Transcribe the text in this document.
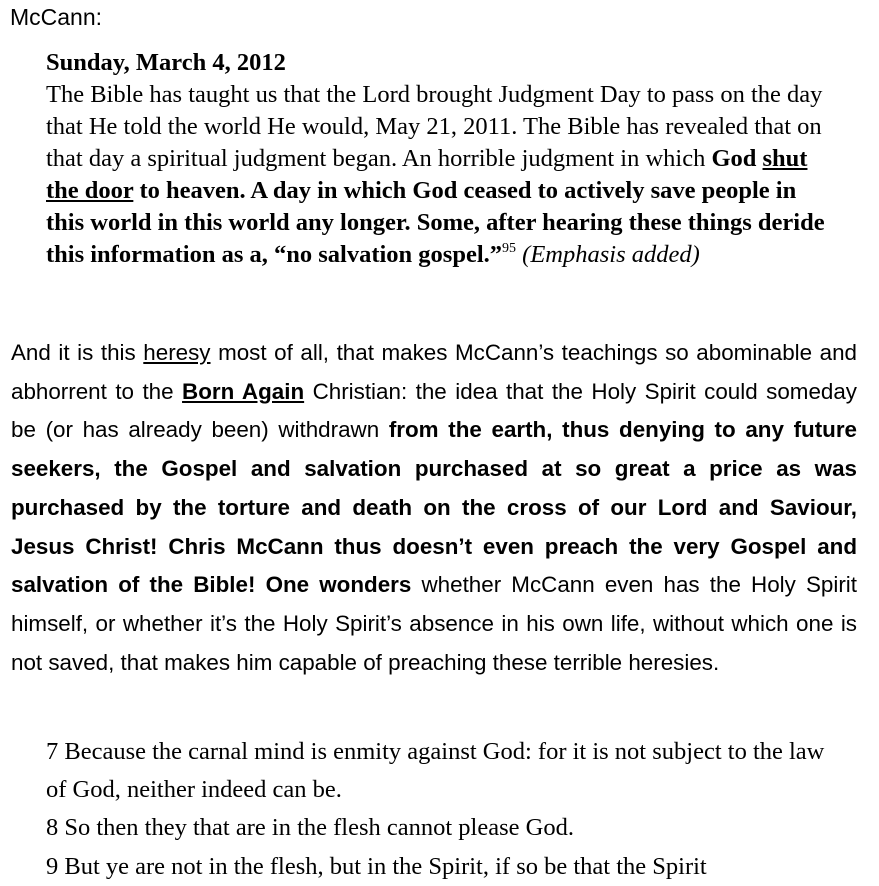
McCann:

Sunday, March 4, 2012

The Bible has taught us that the Lord brought Judgment Day to pass on the day that He told the world He would, May 21, 2011. The Bible has revealed that on that day a spiritual judgment began. An horrible judgment in which God shut the door to heaven. A day in which God ceased to actively save people in this world in this world any longer. Some, after hearing these things deride this information as a, “no salvation gospel.”$^{95}$ (Emphasis added)

And it is this heresy most of all, that makes McCann’s teachings so abominable and abhorrent to the Born Again Christian: the idea that the Holy Spirit could someday be (or has already been) withdrawn from the earth, thus denying to any future seekers, the Gospel and salvation purchased at so great a price as was purchased by the torture and death on the cross of our Lord and Saviour, Jesus Christ! Chris McCann thus doesn’t even preach the very Gospel and salvation of the Bible! One wonders whether McCann even has the Holy Spirit himself, or whether it’s the Holy Spirit’s absence in his own life, without which one is not saved, that makes him capable of preaching these terrible heresies.

7 Because the carnal mind is enmity against God: for it is not subject to the law of God, neither indeed can be.

8 So then they that are in the flesh cannot please God.

9 But ye are not in the flesh, but in the Spirit, if so be that the Spirit
